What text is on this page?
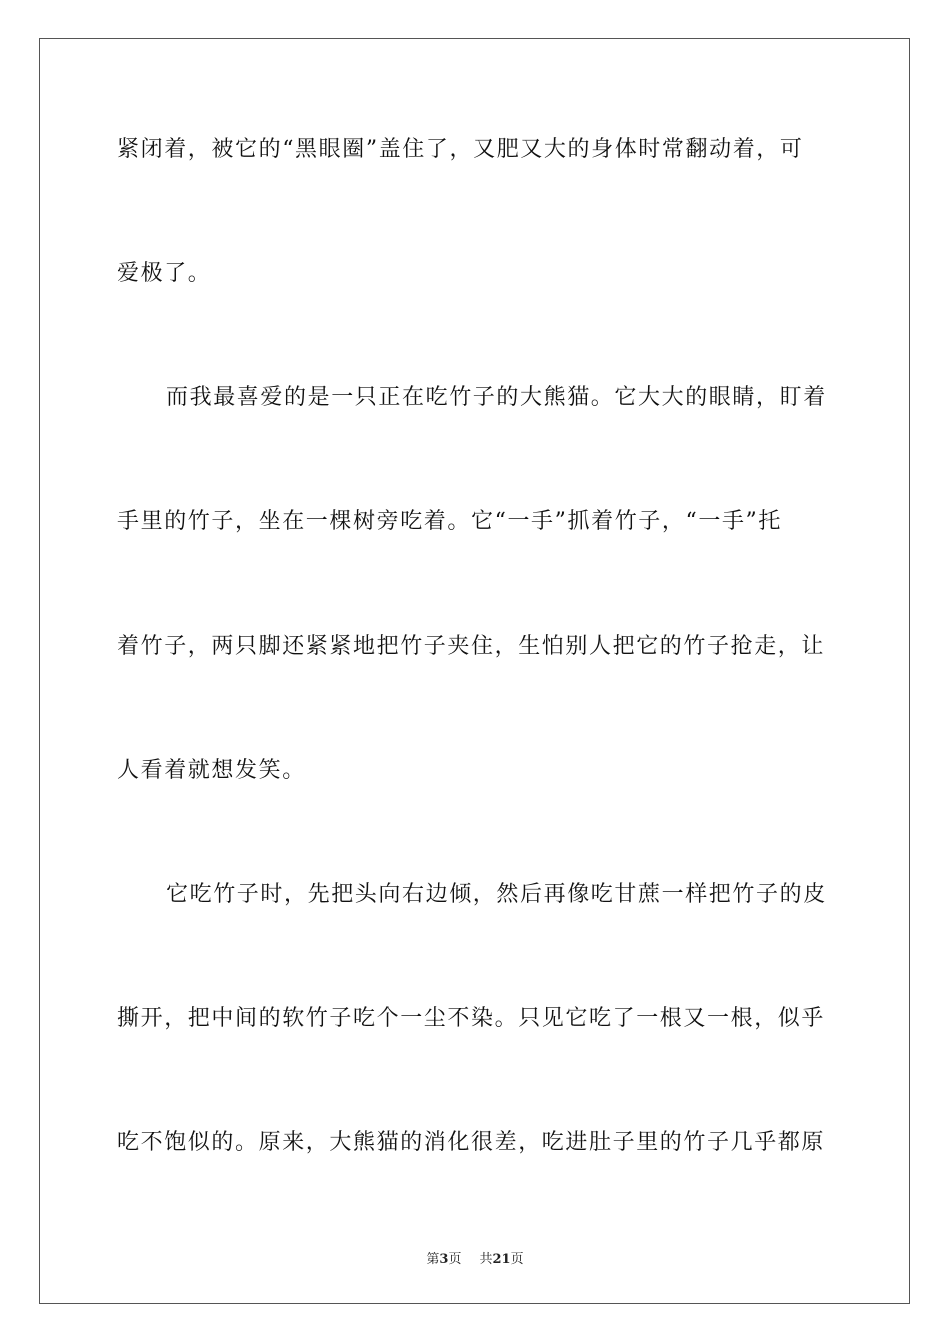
紧闭着，被它的“黑眼圈”盖住了，又肥又大的身体时常翻动着，可
爱极了。
而我最喜爱的是一只正在吃竹子的大熊猫。它大大的眼睛，盯着
手里的竹子，坐在一棵树旁吃着。它“一手”抓着竹子，“一手”托
着竹子，两只脚还紧紧地把竹子夹住，生怕别人把它的竹子抢走，让
人看着就想发笑。
它吃竹子时，先把头向右边倾，然后再像吃甘蔗一样把竹子的皮
撕开，把中间的软竹子吃个一尘不染。只见它吃了一根又一根，似乎
吃不饱似的。原来，大熊猫的消化很差，吃进肚子里的竹子几乎都原
第3页 共21页
